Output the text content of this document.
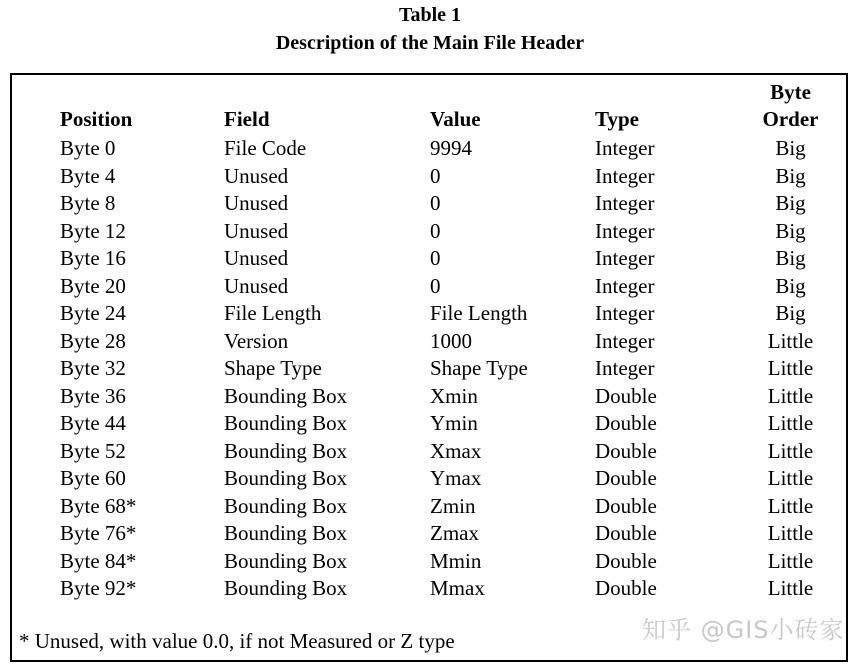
Table 1
Description of the Main File Header
Byte
Position	Field	Value	Type	Order
Byte 0	File Code	9994	Integer	Big
Byte 4	Unused	0	Integer	Big
Byte 8	Unused	0	Integer	Big
Byte 12	Unused	0	Integer	Big
Byte 16	Unused	0	Integer	Big
Byte 20	Unused	0	Integer	Big
Byte 24	File Length	File Length	Integer	Big
Byte 28	Version	1000	Integer	Little
Byte 32	Shape Type	Shape Type	Integer	Little
Byte 36	Bounding Box	Xmin	Double	Little
Byte 44	Bounding Box	Ymin	Double	Little
Byte 52	Bounding Box	Xmax	Double	Little
Byte 60	Bounding Box	Ymax	Double	Little
Byte 68*	Bounding Box	Zmin	Double	Little
Byte 76*	Bounding Box	Zmax	Double	Little
Byte 84*	Bounding Box	Mmin	Double	Little
Byte 92*	Bounding Box	Mmax	Double	Little
* Unused, with value 0.0, if not Measured or Z type	知乎 @GIS小砖家
